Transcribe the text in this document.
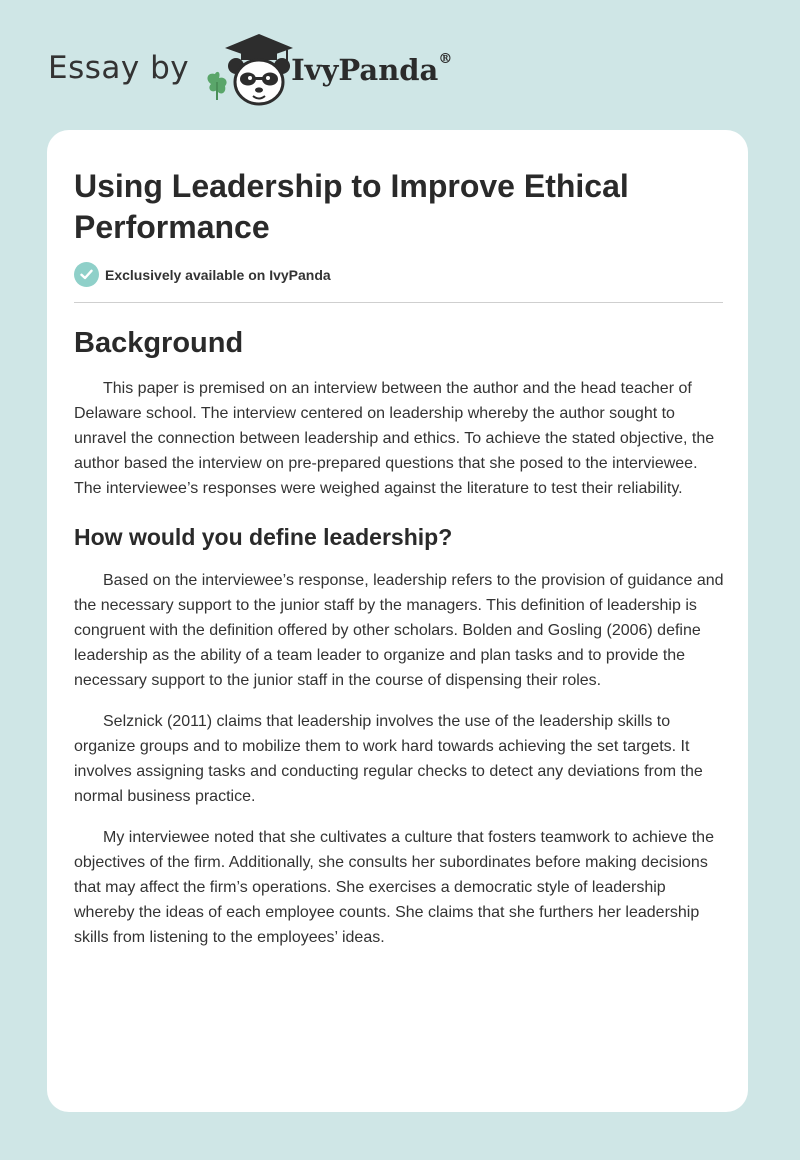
Essay by	IvyPanda®
Using Leadership to Improve Ethical Performance
Exclusively available on IvyPanda
Background

This paper is premised on an interview between the author and the head teacher of Delaware school. The interview centered on leadership whereby the author sought to unravel the connection between leadership and ethics. To achieve the stated objective, the author based the interview on pre-prepared questions that she posed to the interviewee. The interviewee’s responses were weighed against the literature to test their reliability.

How would you define leadership?

Based on the interviewee’s response, leadership refers to the provision of guidance and the necessary support to the junior staff by the managers. This definition of leadership is congruent with the definition offered by other scholars. Bolden and Gosling (2006) define leadership as the ability of a team leader to organize and plan tasks and to provide the necessary support to the junior staff in the course of dispensing their roles.

Selznick (2011) claims that leadership involves the use of the leadership skills to organize groups and to mobilize them to work hard towards achieving the set targets. It involves assigning tasks and conducting regular checks to detect any deviations from the normal business practice.

My interviewee noted that she cultivates a culture that fosters teamwork to achieve the objectives of the firm. Additionally, she consults her subordinates before making decisions that may affect the firm’s operations. She exercises a democratic style of leadership whereby the ideas of each employee counts. She claims that she furthers her leadership skills from listening to the employees’ ideas.
